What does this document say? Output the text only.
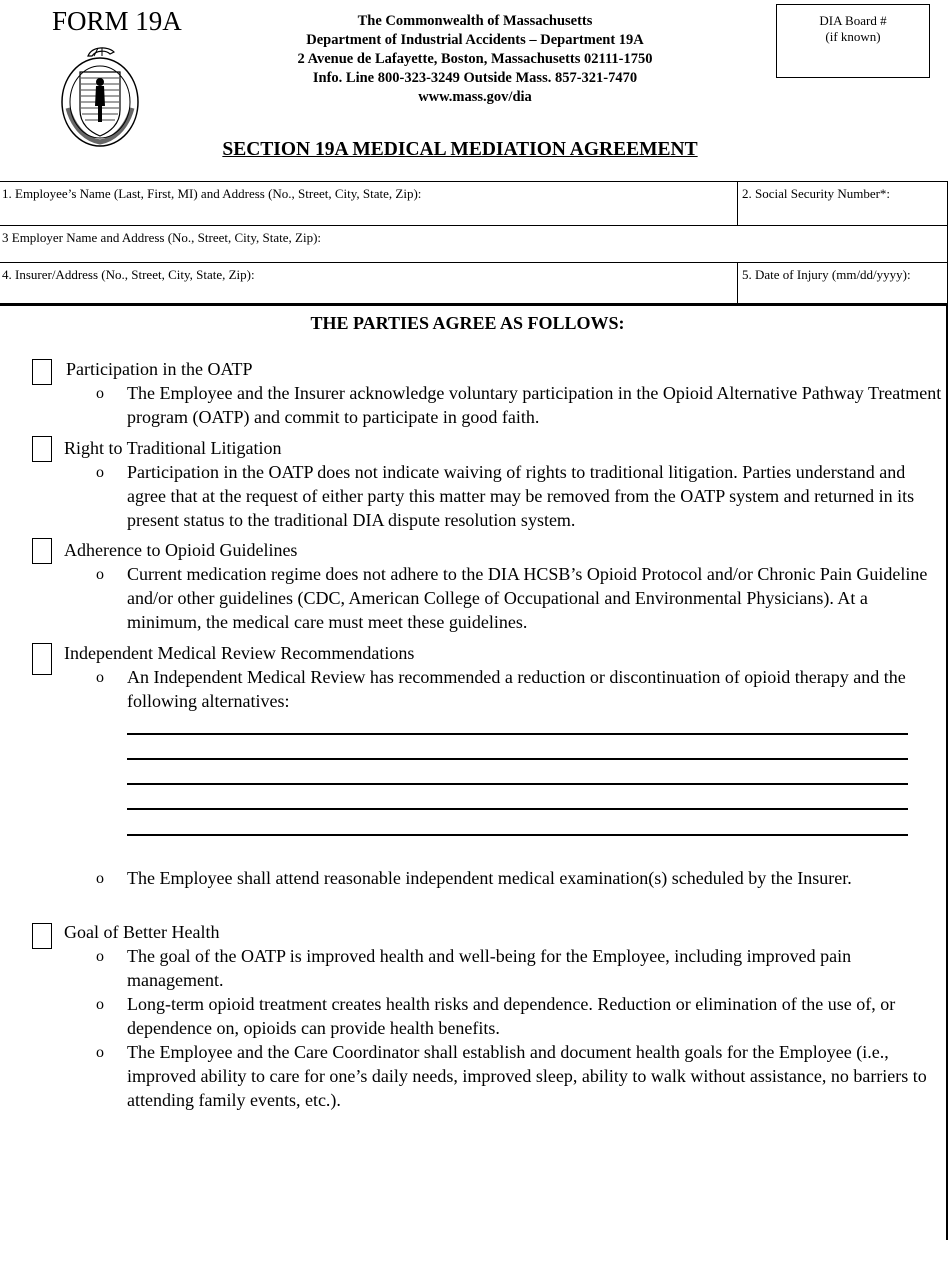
FORM 19A	The Commonwealth of Massachusetts
Department of Industrial Accidents – Department 19A
2 Avenue de Lafayette, Boston, Massachusetts 02111-1750
Info. Line 800-323-3249 Outside Mass. 857-321-7470
www.mass.gov/dia
DIA Board #
(if known)
SECTION 19A MEDICAL MEDIATION AGREEMENT
1. Employee’s Name (Last, First, MI) and Address (No., Street, City, State, Zip):	2. Social Security Number*:
3 Employer Name and Address (No., Street, City, State, Zip):
4. Insurer/Address (No., Street, City, State, Zip):	5. Date of Injury (mm/dd/yyyy):
THE PARTIES AGREE AS FOLLOWS:
Participation in the OATP
o The Employee and the Insurer acknowledge voluntary participation in the Opioid Alternative Pathway Treatment program (OATP) and commit to participate in good faith.
Right to Traditional Litigation
o Participation in the OATP does not indicate waiving of rights to traditional litigation. Parties understand and agree that at the request of either party this matter may be removed from the OATP system and returned in its present status to the traditional DIA dispute resolution system.
Adherence to Opioid Guidelines
o Current medication regime does not adhere to the DIA HCSB’s Opioid Protocol and/or Chronic Pain Guideline and/or other guidelines (CDC, American College of Occupational and Environmental Physicians). At a minimum, the medical care must meet these guidelines.
Independent Medical Review Recommendations
o An Independent Medical Review has recommended a reduction or discontinuation of opioid therapy and the following alternatives:
o The Employee shall attend reasonable independent medical examination(s) scheduled by the Insurer.
Goal of Better Health
o The goal of the OATP is improved health and well-being for the Employee, including improved pain management.
o Long-term opioid treatment creates health risks and dependence. Reduction or elimination of the use of, or dependence on, opioids can provide health benefits.
o The Employee and the Care Coordinator shall establish and document health goals for the Employee (i.e., improved ability to care for one’s daily needs, improved sleep, ability to walk without assistance, no barriers to attending family events, etc.).
